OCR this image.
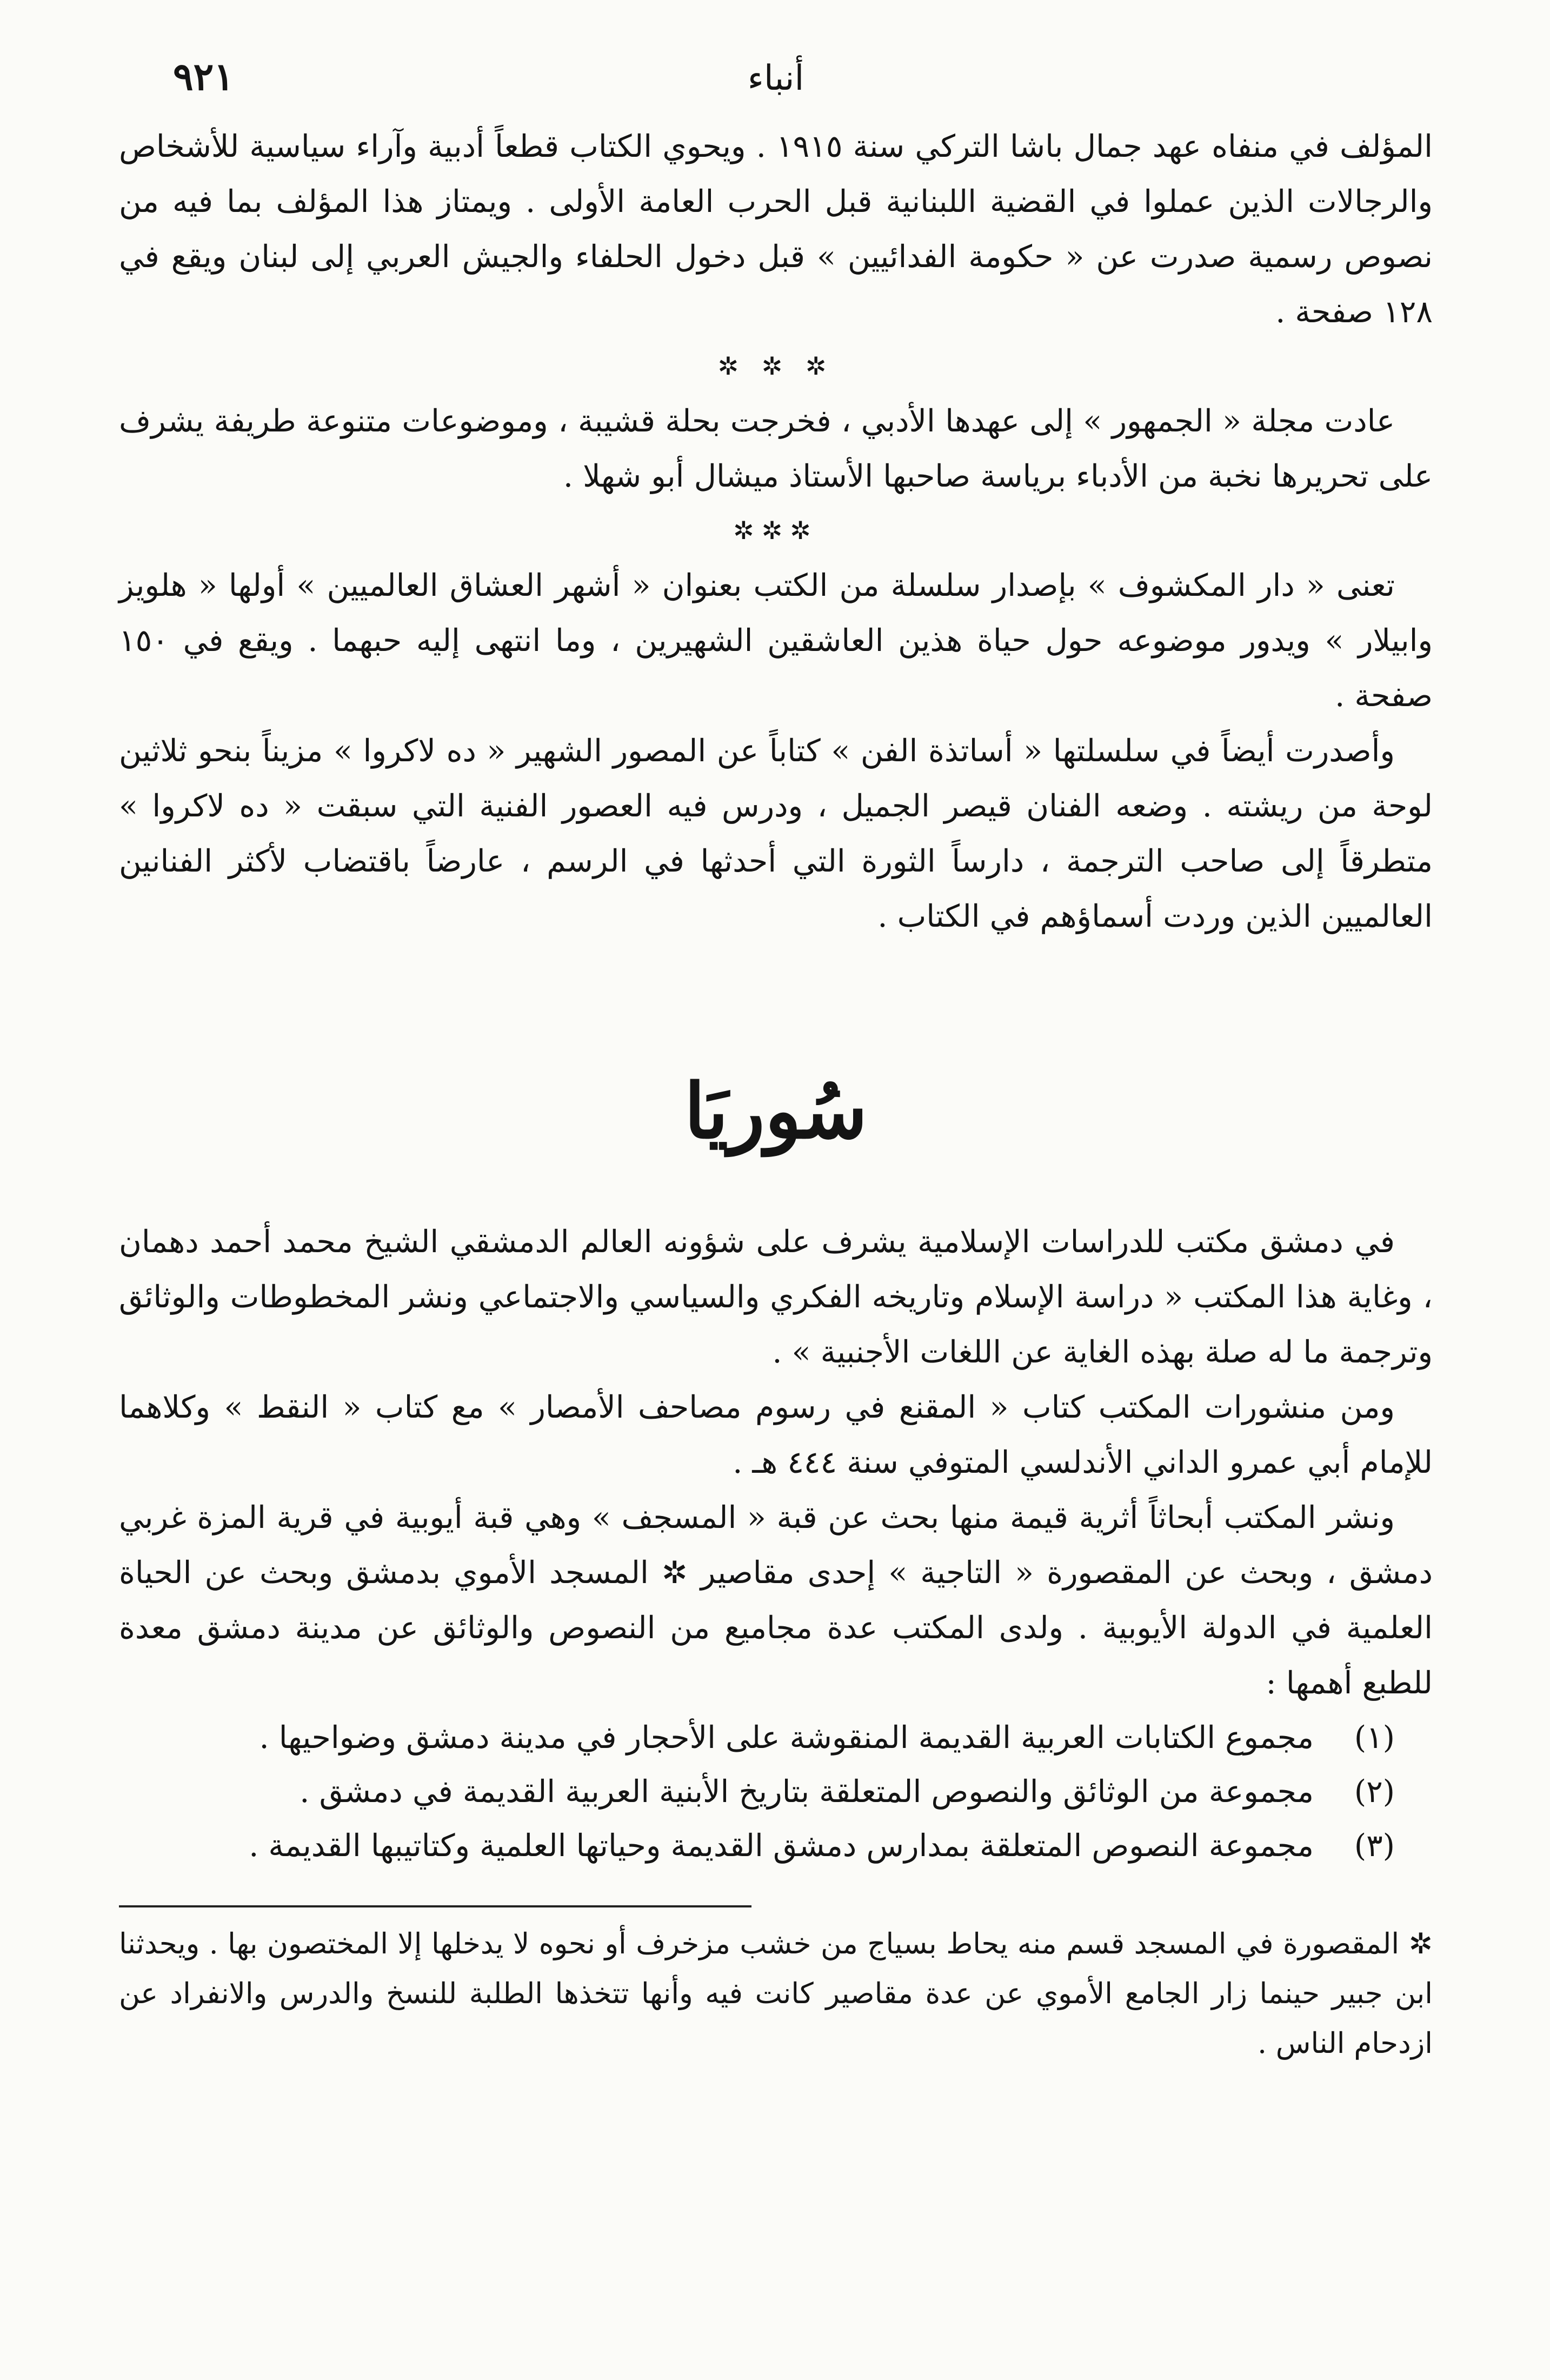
أنباء
٩٢١

المؤلف في منفاه عهد جمال باشا التركي سنة ١٩١٥ . ويحوي الكتاب قطعاً أدبية وآراء سياسية للأشخاص والرجالات الذين عملوا في القضية اللبنانية قبل الحرب العامة الأولى . ويمتاز هذا المؤلف بما فيه من نصوص رسمية صدرت عن « حكومة الفدائيين » قبل دخول الحلفاء والجيش العربي إلى لبنان ويقع في ١٢٨ صفحة .

✲ ✲ ✲

عادت مجلة « الجمهور » إلى عهدها الأدبي ، فخرجت بحلة قشيبة ، وموضوعات متنوعة طريفة يشرف على تحريرها نخبة من الأدباء برياسة صاحبها الأستاذ ميشال أبو شهلا .

✲✲✲

تعنى « دار المكشوف » بإصدار سلسلة من الكتب بعنوان « أشهر العشاق العالميين » أولها « هلويز وابيلار » ويدور موضوعه حول حياة هذين العاشقين الشهيرين ، وما انتهى إليه حبهما . ويقع في ١٥٠ صفحة .

وأصدرت أيضاً في سلسلتها « أساتذة الفن » كتاباً عن المصور الشهير « ده لاكروا » مزيناً بنحو ثلاثين لوحة من ريشته . وضعه الفنان قيصر الجميل ، ودرس فيه العصور الفنية التي سبقت « ده لاكروا » متطرقاً إلى صاحب الترجمة ، دارساً الثورة التي أحدثها في الرسم ، عارضاً باقتضاب لأكثر الفنانين العالميين الذين وردت أسماؤهم في الكتاب .

سُوريَا

في دمشق مكتب للدراسات الإسلامية يشرف على شؤونه العالم الدمشقي الشيخ محمد أحمد دهمان ، وغاية هذا المكتب « دراسة الإسلام وتاريخه الفكري والسياسي والاجتماعي ونشر المخطوطات والوثائق وترجمة ما له صلة بهذه الغاية عن اللغات الأجنبية » .

ومن منشورات المكتب كتاب « المقنع في رسوم مصاحف الأمصار » مع كتاب « النقط » وكلاهما للإمام أبي عمرو الداني الأندلسي المتوفي سنة ٤٤٤ هـ .

ونشر المكتب أبحاثاً أثرية قيمة منها بحث عن قبة « المسجف » وهي قبة أيوبية في قرية المزة غربي دمشق ، وبحث عن المقصورة « التاجية » إحدى مقاصير ✲ المسجد الأموي بدمشق وبحث عن الحياة العلمية في الدولة الأيوبية . ولدى المكتب عدة مجاميع من النصوص والوثائق عن مدينة دمشق معدة للطبع أهمها :

(١)
مجموع الكتابات العربية القديمة المنقوشة على الأحجار في مدينة دمشق وضواحيها .
(٢)
مجموعة من الوثائق والنصوص المتعلقة بتاريخ الأبنية العربية القديمة في دمشق .
(٣)
مجموعة النصوص المتعلقة بمدارس دمشق القديمة وحياتها العلمية وكتاتيبها القديمة .

✲ المقصورة في المسجد قسم منه يحاط بسياج من خشب مزخرف أو نحوه لا يدخلها إلا المختصون بها . ويحدثنا ابن جبير حينما زار الجامع الأموي عن عدة مقاصير كانت فيه وأنها تتخذها الطلبة للنسخ والدرس والانفراد عن ازدحام الناس .
